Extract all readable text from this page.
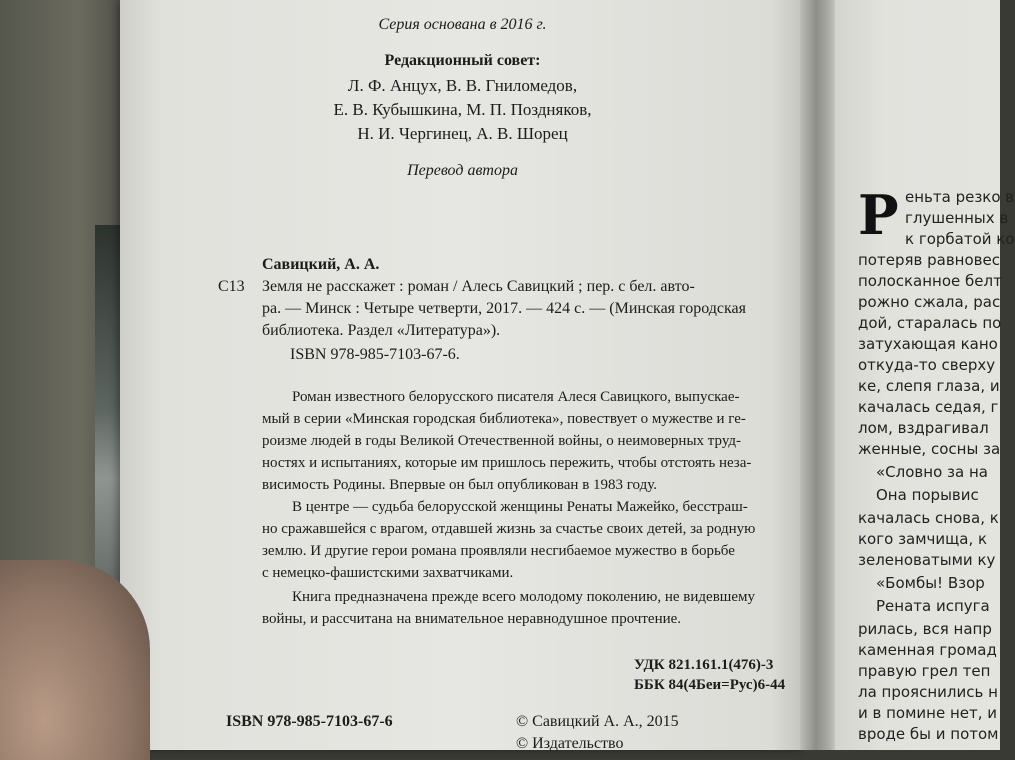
Серия основана в 2016 г.
Редакционный совет:
Л. Ф. Анцух, В. В. Гниломедов,
Е. В. Кубышкина, М. П. Поздняков,
Н. И. Чергинец, А. В. Шорец
Перевод автора
Савицкий, А. А.
С13 Земля не расскажет : роман / Алесь Савицкий ; пер. с бел. авто-
ра. — Минск : Четыре четверти, 2017. — 424 с. — (Минская городская
библиотека. Раздел «Литература»).
ISBN 978-985-7103-67-6.
Роман известного белорусского писателя Алеся Савицкого, выпускае-
мый в серии «Минская городская библиотека», повествует о мужестве и ге-
роизме людей в годы Великой Отечественной войны, о неимоверных труд-
ностях и испытаниях, которые им пришлось пережить, чтобы отстоять неза-
висимость Родины. Впервые он был опубликован в 1983 году.
В центре — судьба белорусской женщины Ренаты Мажейко, бесстраш-
но сражавшейся с врагом, отдавшей жизнь за счастье своих детей, за родную
землю. И другие герои романа проявляли несгибаемое мужество в борьбе
с немецко-фашистскими захватчиками.
Книга предназначена прежде всего молодому поколению, не видевшему
войны, и рассчитана на внимательное неравнодушное прочтение.
УДК 821.161.1(476)-3
ББК 84(4Беи=Рус)6-44
ISBN 978-985-7103-67-6	© Савицкий А. А., 2015
© Издательство
Р еньта резко в
глушенных в
к горбатой ко
потеряв равновес
полосканное белт
рожно сжала, рас
дой, старалась по
затухающая кано
откуда-то сверху
ке, слепя глаза, и
качалась седая, г
лом, вздрагивал
женные, сосны за
«Словно за на
Она порывис
качалась снова, к
кого замчища, к
зеленоватыми ку
«Бомбы! Взор
Рената испуга
рилась, вся напр
каменная громад
правую грел теп
ла прояснились н
и в помине нет, и
вроде бы и потом
